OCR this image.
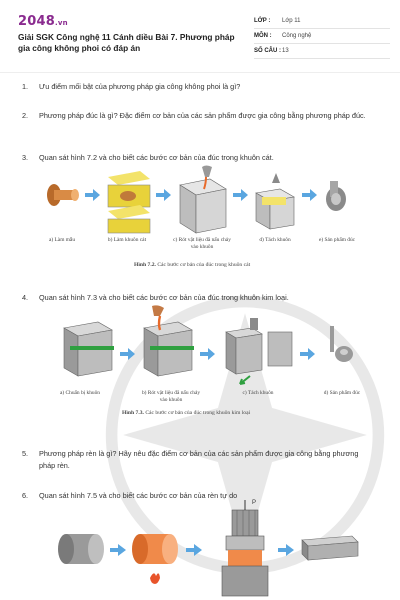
2048.vn
Giải SGK Công nghệ 11 Cánh diều Bài 7. Phương pháp gia công không phoi có đáp án
LỚP :	Lớp 11
MÔN :	Công nghệ
SỐ CÂU : 13
1.	Ưu điểm mối bật của phương pháp gia công không phoi là gì?
2.	Phương pháp đúc là gì? Đặc điểm cơ bản của các sản phẩm được gia công bằng phương pháp đúc.
3.	Quan sát hình 7.2 và cho biết các bước cơ bản của đúc trong khuôn cát.
a) Làm mẫu	b) Làm khuôn cát	c) Rót vật liệu đã nấu chảy vào khuôn
d) Tách khuôn	e) Sản phẩm đúc
Hình 7.2. Các bước cơ bản của đúc trong khuôn cát
4.	Quan sát hình 7.3 và cho biết các bước cơ bản của đúc trong khuôn kim loại.
a) Chuẩn bị khuôn	b) Rót vật liệu đã nấu chảy vào khuôn
c) Tách khuôn	d) Sản phẩm đúc
Hình 7.3. Các bước cơ bản của đúc trong khuôn kim loại
5.	Phương pháp rèn là gì? Hãy nêu đặc điểm cơ bản của các sản phẩm được gia công bằng phương pháp rèn.
6.	Quan sát hình 7.5 và cho biết các bước cơ bản của rèn tự do
P
